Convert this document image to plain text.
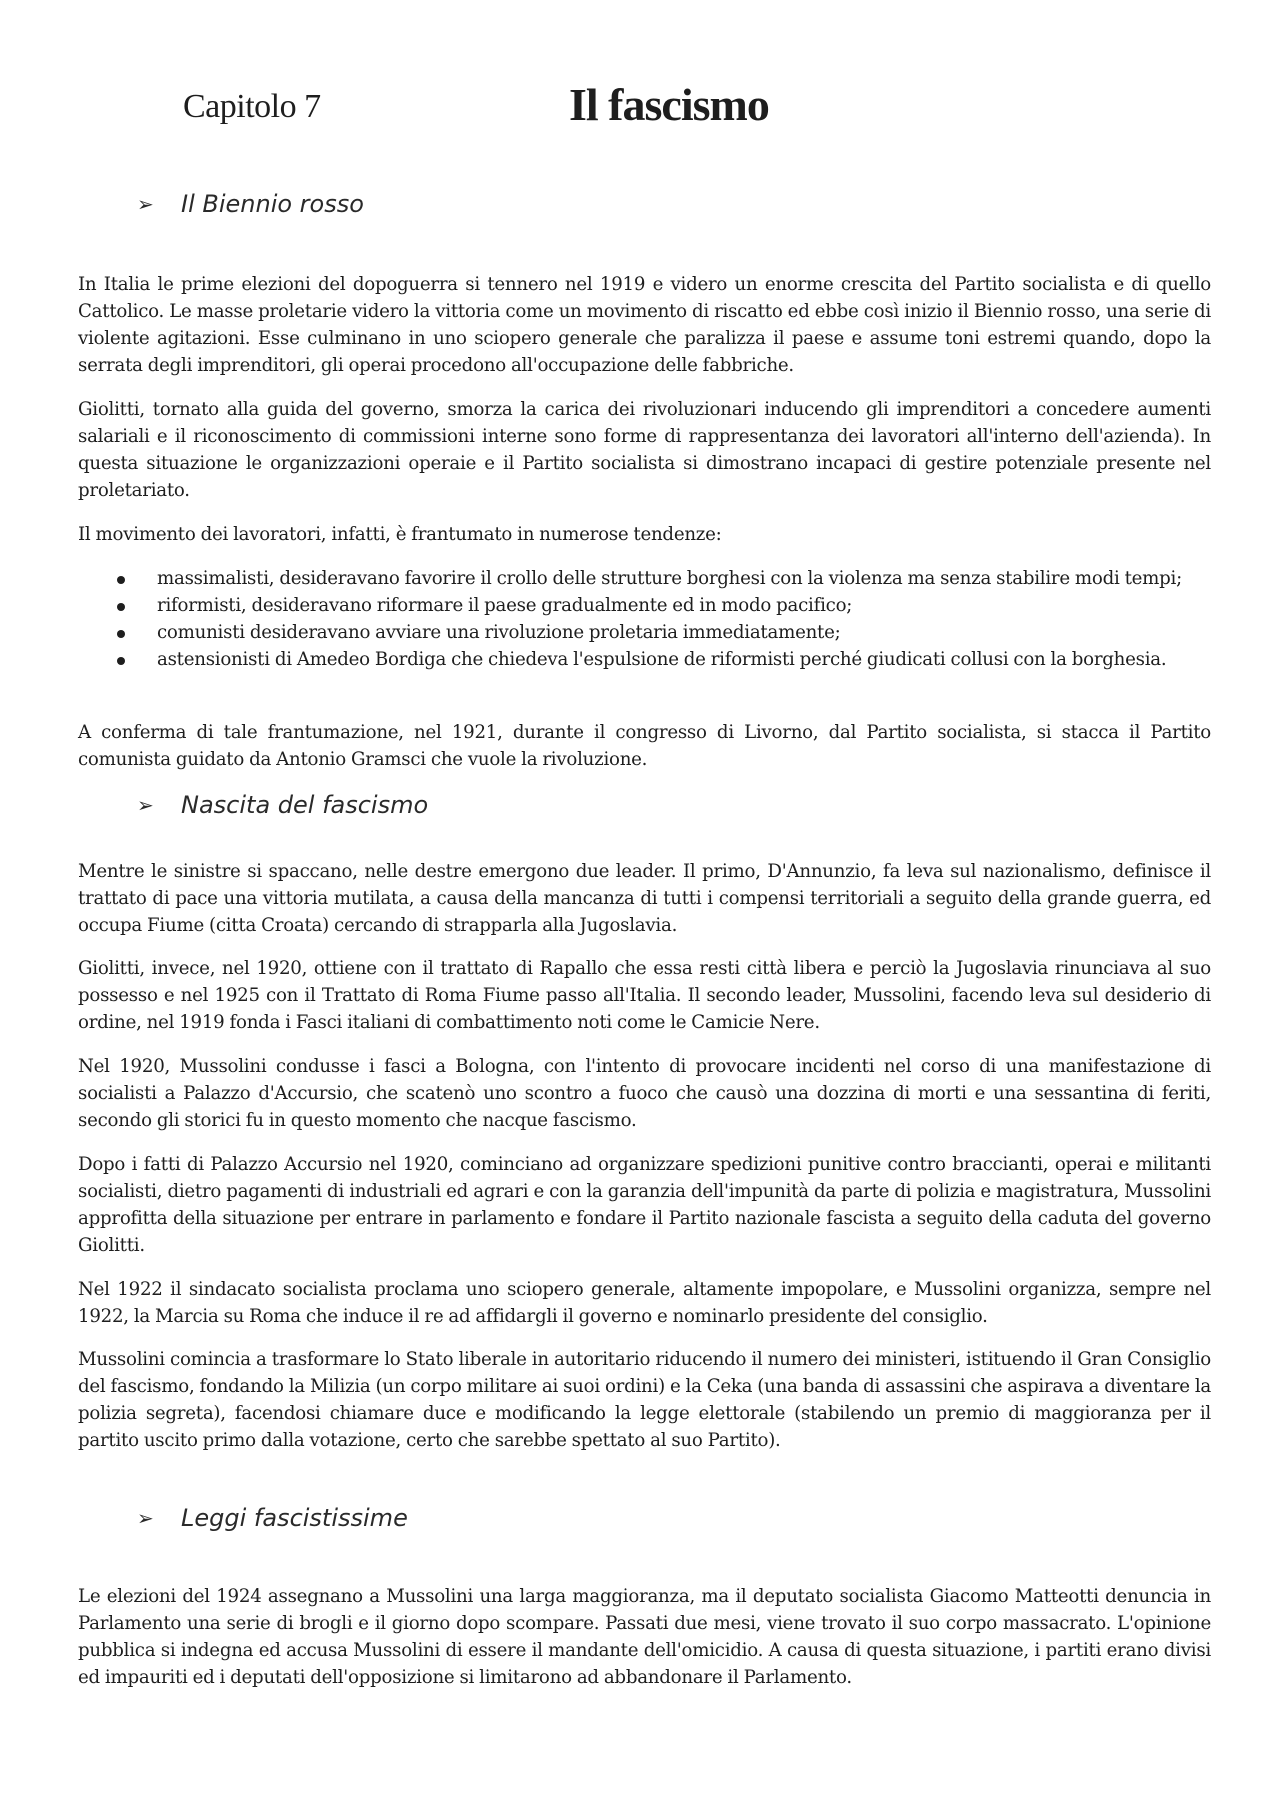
Capitolo 7	Il fascismo
➢	Il Biennio rosso

In Italia le prime elezioni del dopoguerra si tennero nel 1919 e videro un enorme crescita del Partito socialista e di quello Cattolico. Le masse proletarie videro la vittoria come un movimento di riscatto ed ebbe così inizio il Biennio rosso, una serie di violente agitazioni. Esse culminano in uno sciopero generale che paralizza il paese e assume toni estremi quando, dopo la serrata degli imprenditori, gli operai procedono all'occupazione delle fabbriche.

Giolitti, tornato alla guida del governo, smorza la carica dei rivoluzionari inducendo gli imprenditori a concedere aumenti salariali e il riconoscimento di commissioni interne sono forme di rappresentanza dei lavoratori all'interno dell'azienda). In questa situazione le organizzazioni operaie e il Partito socialista si dimostrano incapaci di gestire potenziale presente nel proletariato.

Il movimento dei lavoratori, infatti, è frantumato in numerose tendenze:

massimalisti, desideravano favorire il crollo delle strutture borghesi con la violenza ma senza stabilire modi tempi;
riformisti, desideravano riformare il paese gradualmente ed in modo pacifico;
comunisti desideravano avviare una rivoluzione proletaria immediatamente;
astensionisti di Amedeo Bordiga che chiedeva l'espulsione de riformisti perché giudicati collusi con la borghesia.

A conferma di tale frantumazione, nel 1921, durante il congresso di Livorno, dal Partito socialista, si stacca il Partito comunista guidato da Antonio Gramsci che vuole la rivoluzione.

➢	Nascita del fascismo

Mentre le sinistre si spaccano, nelle destre emergono due leader. Il primo, D'Annunzio, fa leva sul nazionalismo, definisce il trattato di pace una vittoria mutilata, a causa della mancanza di tutti i compensi territoriali a seguito della grande guerra, ed occupa Fiume (citta Croata) cercando di strapparla alla Jugoslavia.

Giolitti, invece, nel 1920, ottiene con il trattato di Rapallo che essa resti città libera e perciò la Jugoslavia rinunciava al suo possesso e nel 1925 con il Trattato di Roma Fiume passo all'Italia. Il secondo leader, Mussolini, facendo leva sul desiderio di ordine, nel 1919 fonda i Fasci italiani di combattimento noti come le Camicie Nere.

Nel 1920, Mussolini condusse i fasci a Bologna, con l'intento di provocare incidenti nel corso di una manifestazione di socialisti a Palazzo d'Accursio, che scatenò uno scontro a fuoco che causò una dozzina di morti e una sessantina di feriti, secondo gli storici fu in questo momento che nacque fascismo.

Dopo i fatti di Palazzo Accursio nel 1920, cominciano ad organizzare spedizioni punitive contro braccianti, operai e militanti socialisti, dietro pagamenti di industriali ed agrari e con la garanzia dell'impunità da parte di polizia e magistratura, Mussolini approfitta della situazione per entrare in parlamento e fondare il Partito nazionale fascista a seguito della caduta del governo Giolitti.

Nel 1922 il sindacato socialista proclama uno sciopero generale, altamente impopolare, e Mussolini organizza, sempre nel 1922, la Marcia su Roma che induce il re ad affidargli il governo e nominarlo presidente del consiglio.

Mussolini comincia a trasformare lo Stato liberale in autoritario riducendo il numero dei ministeri, istituendo il Gran Consiglio del fascismo, fondando la Milizia (un corpo militare ai suoi ordini) e la Ceka (una banda di assassini che aspirava a diventare la polizia segreta), facendosi chiamare duce e modificando la legge elettorale (stabilendo un premio di maggioranza per il partito uscito primo dalla votazione, certo che sarebbe spettato al suo Partito).

➢	Leggi fascistissime

Le elezioni del 1924 assegnano a Mussolini una larga maggioranza, ma il deputato socialista Giacomo Matteotti denuncia in Parlamento una serie di brogli e il giorno dopo scompare. Passati due mesi, viene trovato il suo corpo massacrato. L'opinione pubblica si indegna ed accusa Mussolini di essere il mandante dell'omicidio. A causa di questa situazione, i partiti erano divisi ed impauriti ed i deputati dell'opposizione si limitarono ad abbandonare il Parlamento.
